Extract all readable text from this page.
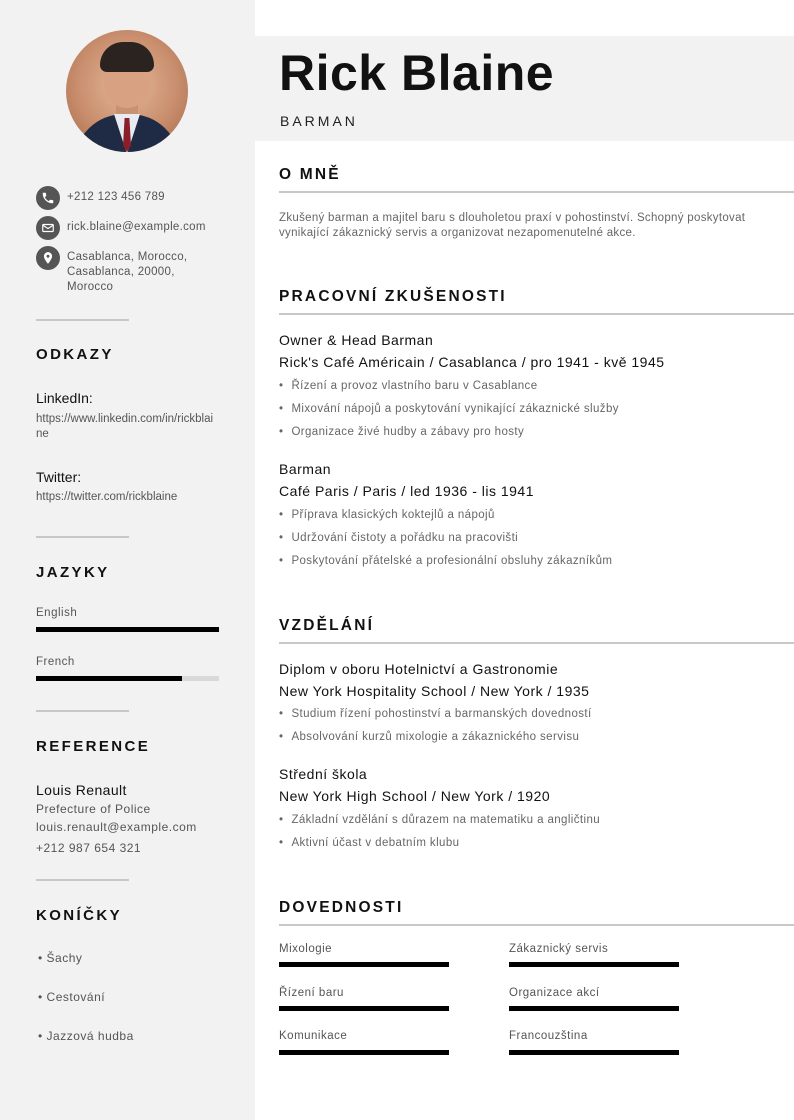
+212 123 456 789
rick.blaine@example.com
Casablanca, Morocco,
Casablanca, 20000,
Morocco
ODKAZY
LinkedIn:
https://www.linkedin.com/in/rickblaine
Twitter:
https://twitter.com/rickblaine
JAZYKY
English
French
REFERENCE
Louis Renault
Prefecture of Police
louis.renault@example.com
+212 987 654 321
KONÍČKY
• Šachy
• Cestování
• Jazzová hudba
Rick Blaine
BARMAN
O MNĚ
Zkušený barman a majitel baru s dlouholetou praxí v pohostinství. Schopný poskytovat vynikající zákaznický servis a organizovat nezapomenutelné akce.
PRACOVNÍ ZKUŠENOSTI
Owner & Head Barman
Rick's Café Américain / Casablanca / pro 1941 - kvě 1945
• Řízení a provoz vlastního baru v Casablance
• Mixování nápojů a poskytování vynikající zákaznické služby
• Organizace živé hudby a zábavy pro hosty
Barman
Café Paris / Paris / led 1936 - lis 1941
• Příprava klasických koktejlů a nápojů
• Udržování čistoty a pořádku na pracovišti
• Poskytování přátelské a profesionální obsluhy zákazníkům
VZDĚLÁNÍ
Diplom v oboru Hotelnictví a Gastronomie
New York Hospitality School / New York / 1935
• Studium řízení pohostinství a barmanských dovedností
• Absolvování kurzů mixologie a zákaznického servisu
Střední škola
New York High School / New York / 1920
• Základní vzdělání s důrazem na matematiku a angličtinu
• Aktivní účast v debatním klubu
DOVEDNOSTI
Mixologie	Zákaznický servis
Řízení baru	Organizace akcí
Komunikace	Francouzština
